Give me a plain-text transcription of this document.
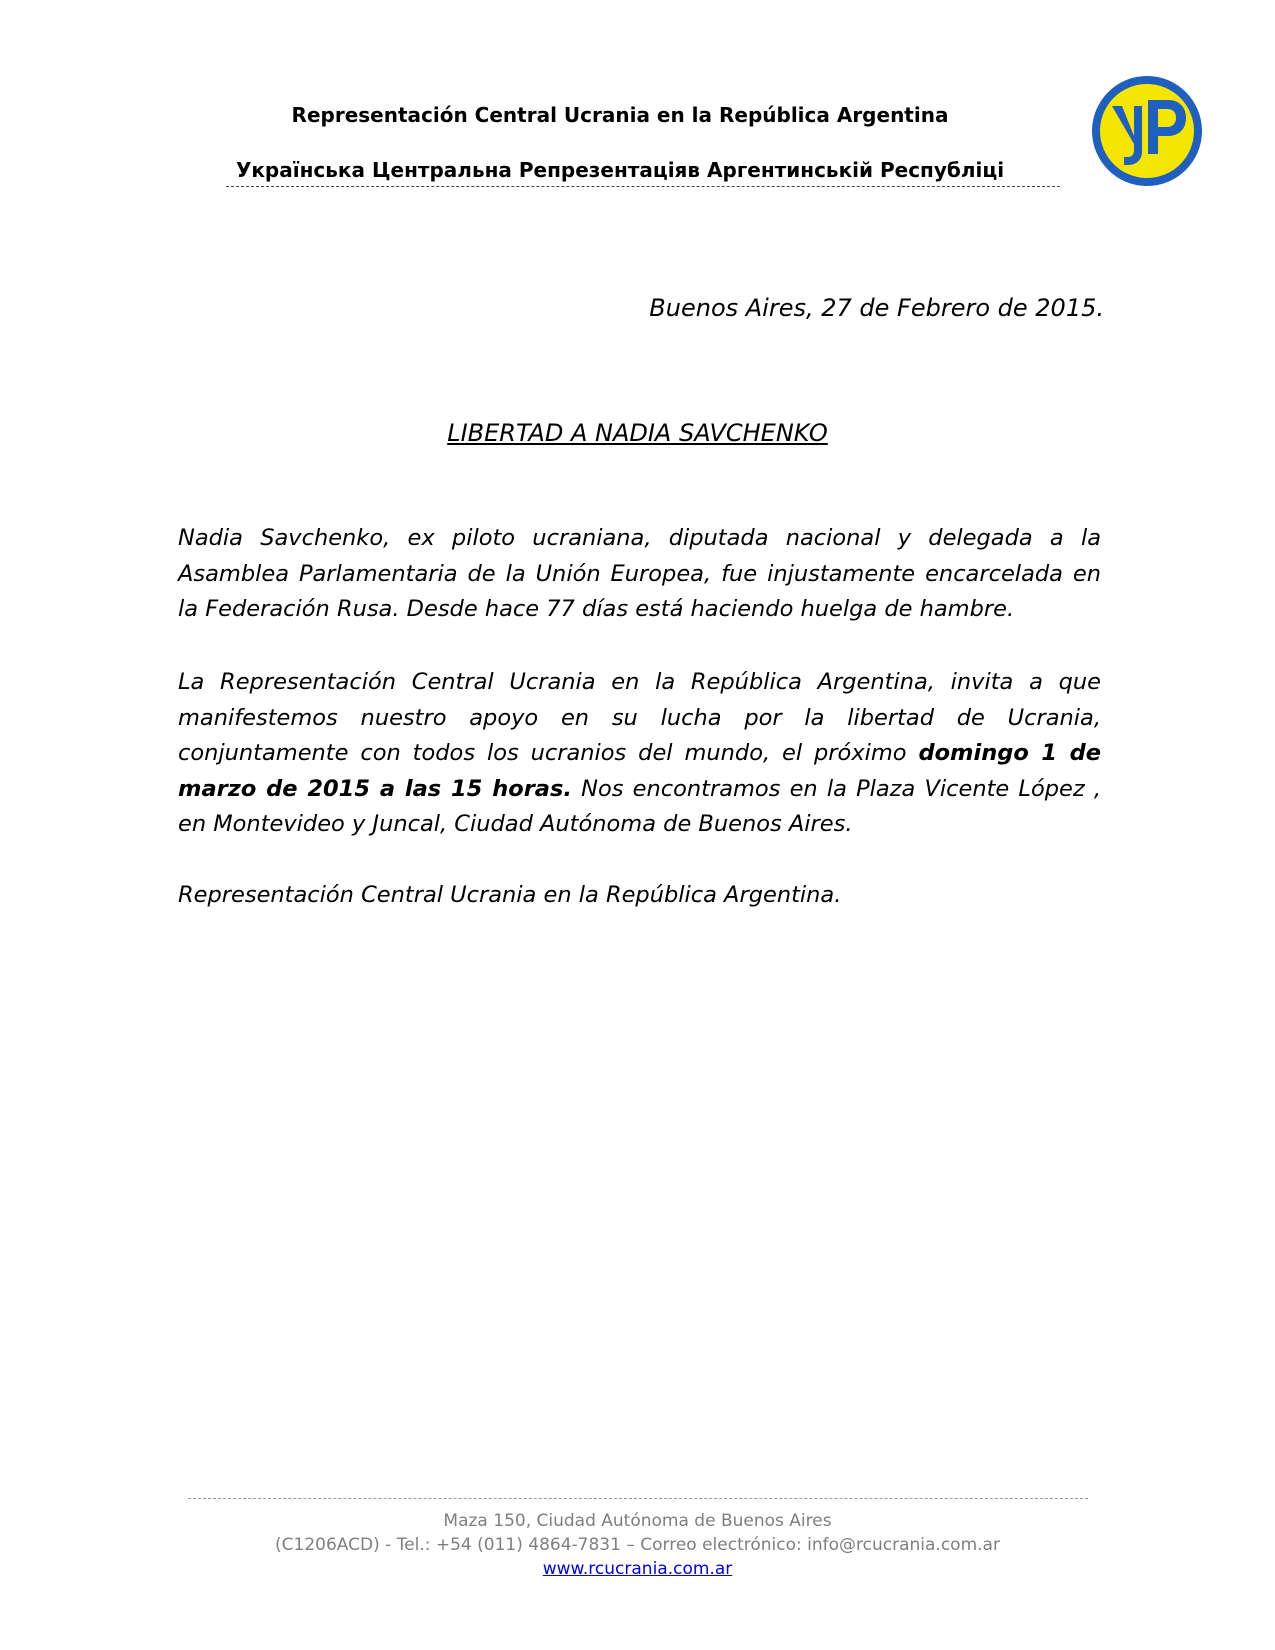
Representación Central Ucrania en la República Argentina
Українська Центральна Репрезентаціяв Аргентинській Республіці
Buenos Aires, 27 de Febrero de 2015.
LIBERTAD A NADIA SAVCHENKO

Nadia Savchenko, ex piloto ucraniana, diputada nacional y delegada a la Asamblea Parlamentaria de la Unión Europea, fue injustamente encarcelada en la Federación Rusa. Desde hace 77 días está haciendo huelga de hambre.

La Representación Central Ucrania en la República Argentina, invita a que manifestemos nuestro apoyo en su lucha por la libertad de Ucrania, conjuntamente con todos los ucranios del mundo, el próximo domingo 1 de marzo de 2015 a las 15 horas. Nos encontramos en la Plaza Vicente López , en Montevideo y Juncal, Ciudad Autónoma de Buenos Aires.

Representación Central Ucrania en la República Argentina.

Maza 150, Ciudad Autónoma de Buenos Aires
(C1206ACD) - Tel.: +54 (011) 4864-7831 – Correo electrónico: info@rcucrania.com.ar
www.rcucrania.com.ar
